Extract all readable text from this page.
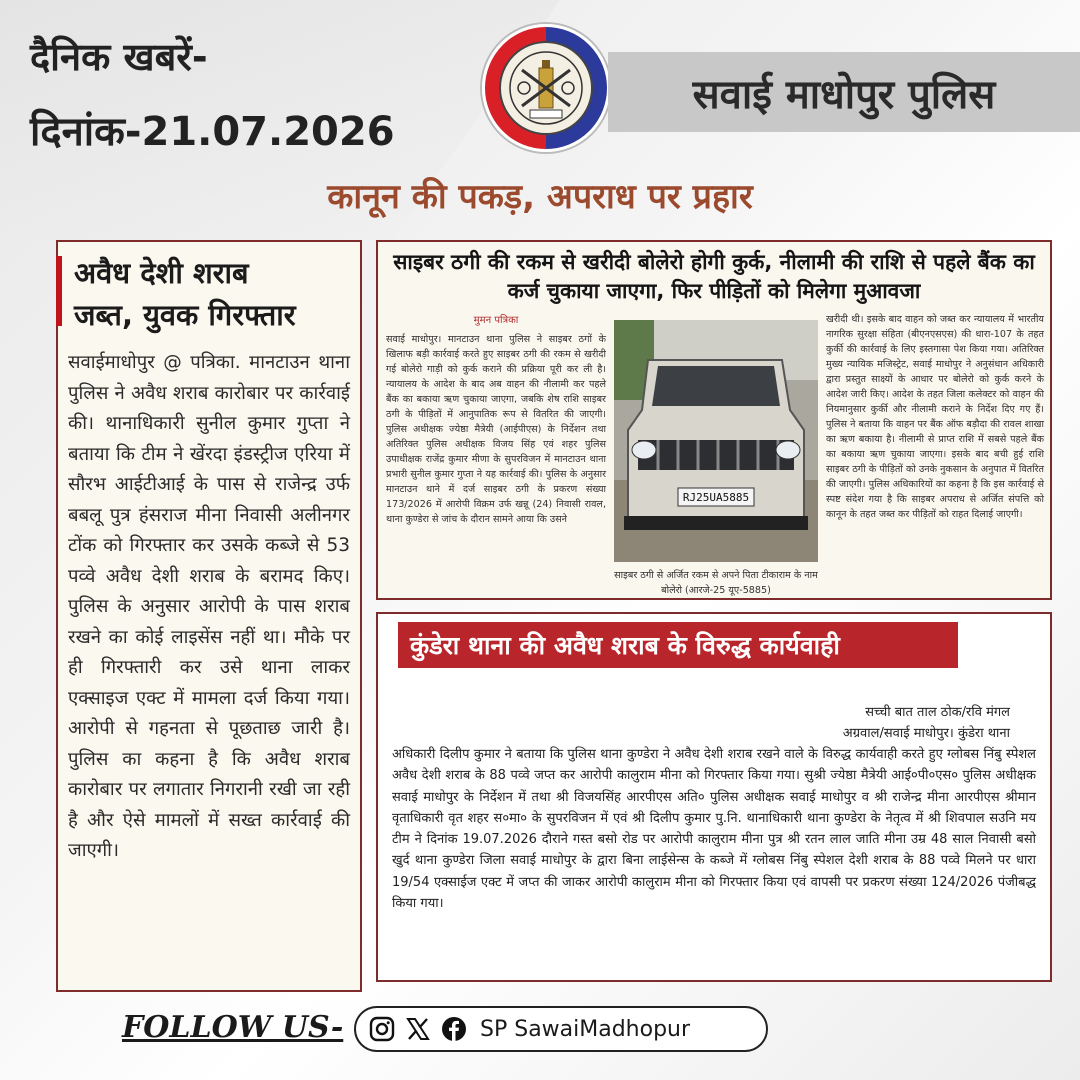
दैनिक खबरें-
दिनांक-21.07.2026
सवाई माधोपुर पुलिस
कानून की पकड़, अपराध पर प्रहार
अवैध देशी शराब
जब्त, युवक गिरफ्तार
सवाईमाधोपुर @ पत्रिका. मानटाउन थाना पुलिस ने अवैध शराब कारोबार पर कार्रवाई की। थानाधिकारी सुनील कुमार गुप्ता ने बताया कि टीम ने खेंरदा इंडस्ट्रीज एरिया में सौरभ आईटीआई के पास से राजेन्द्र उर्फ बबलू पुत्र हंसराज मीना निवासी अलीनगर टोंक को गिरफ्तार कर उसके कब्जे से 53 पव्वे अवैध देशी शराब के बरामद किए। पुलिस के अनुसार आरोपी के पास शराब रखने का कोई लाइसेंस नहीं था। मौके पर ही गिरफ्तारी कर उसे थाना लाकर एक्साइज एक्ट में मामला दर्ज किया गया। आरोपी से गहनता से पूछताछ जारी है। पुलिस का कहना है कि अवैध शराब कारोबार पर लगातार निगरानी रखी जा रही है और ऐसे मामलों में सख्त कार्रवाई की जाएगी।
साइबर ठगी की रकम से खरीदी बोलेरो होगी कुर्क, नीलामी की राशि से पहले बैंक का कर्ज चुकाया जाएगा, फिर पीड़ितों को मिलेगा मुआवजा
मुमन पत्रिका
सवाई माधोपुर। मानटाउन थाना पुलिस ने साइबर ठगों के खिलाफ बड़ी कार्रवाई करते हुए साइबर ठगी की रकम से खरीदी गई बोलेरो गाड़ी को कुर्क कराने की प्रक्रिया पूरी कर ली है। न्यायालय के आदेश के बाद अब वाहन की नीलामी कर पहले बैंक का बकाया ऋण चुकाया जाएगा, जबकि शेष राशि साइबर ठगी के पीड़ितों में आनुपातिक रूप से वितरित की जाएगी। पुलिस अधीक्षक ज्येष्ठा मैत्रेयी (आईपीएस) के निर्देशन तथा अतिरिक्त पुलिस अधीक्षक विजय सिंह एवं शहर पुलिस उपाधीक्षक राजेंद्र कुमार मीणा के सुपरविजन में मानटाउन थाना प्रभारी सुनील कुमार गुप्ता ने यह कार्रवाई की। पुलिस के अनुसार मानटाउन थाने में दर्ज साइबर ठगी के प्रकरण संख्या 173/2026 में आरोपी विक्रम उर्फ खन्नू (24) निवासी रावल, थाना कुण्डेरा से जांच के दौरान सामने आया कि उसने
RJ25UA5885
साइबर ठगी से अर्जित रकम से अपने पिता टीकाराम के नाम बोलेरो (आरजे-25 यूए-5885)
खरीदी थी। इसके बाद वाहन को जब्त कर न्यायालय में भारतीय नागरिक सुरक्षा संहिता (बीएनएसएस) की धारा-107 के तहत कुर्की की कार्रवाई के लिए इस्तगासा पेश किया गया। अतिरिक्त मुख्य न्यायिक मजिस्ट्रेट, सवाई माधोपुर ने अनुसंधान अधिकारी द्वारा प्रस्तुत साक्ष्यों के आधार पर बोलेरो को कुर्क करने के आदेश जारी किए। आदेश के तहत जिला कलेक्टर को वाहन की नियमानुसार कुर्की और नीलामी कराने के निर्देश दिए गए हैं। पुलिस ने बताया कि वाहन पर बैंक ऑफ बड़ौदा की रावल शाखा का ऋण बकाया है। नीलामी से प्राप्त राशि में सबसे पहले बैंक का बकाया ऋण चुकाया जाएगा। इसके बाद बची हुई राशि साइबर ठगी के पीड़ितों को उनके नुकसान के अनुपात में वितरित की जाएगी। पुलिस अधिकारियों का कहना है कि इस कार्रवाई से स्पष्ट संदेश गया है कि साइबर अपराध से अर्जित संपत्ति को कानून के तहत जब्त कर पीड़ितों को राहत दिलाई जाएगी।
कुंडेरा थाना की अवैध शराब के विरुद्ध कार्यवाही
सच्ची बात ताल ठोक/रवि मंगल
अग्रवाल/सवाई माधोपुर। कुंडेरा थाना
अधिकारी दिलीप कुमार ने बताया कि पुलिस थाना कुण्डेरा ने अवैध देशी शराब रखने वाले के विरुद्ध कार्यवाही करते हुए ग्लोबस निंबु स्पेशल अवैध देशी शराब के 88 पव्वे जप्त कर आरोपी कालुराम मीना को गिरफ्तार किया गया। सुश्री ज्येष्ठा मैत्रेयी आई०पी०एस० पुलिस अधीक्षक सवाई माधोपुर के निर्देशन में तथा श्री विजयसिंह आरपीएस अति० पुलिस अधीक्षक सवाई माधोपुर व श्री राजेन्द्र मीना आरपीएस श्रीमान वृताधिकारी वृत शहर स०मा० के सुपरविजन में एवं श्री दिलीप कुमार पु.नि. थानाधिकारी थाना कुण्डेरा के नेतृत्व में श्री शिवपाल सउनि मय टीम ने दिनांक 19.07.2026 दौराने गस्त बसो रोड पर आरोपी कालुराम मीना पुत्र श्री रतन लाल जाति मीना उम्र 48 साल निवासी बसो खुर्द थाना कुण्डेरा जिला सवाई माधोपुर के द्वारा बिना लाईसेन्स के कब्जे में ग्लोबस निंबु स्पेशल देशी शराब के 88 पव्वे मिलने पर धारा 19/54 एक्साईज एक्ट में जप्त की जाकर आरोपी कालुराम मीना को गिरफ्तार किया एवं वापसी पर प्रकरण संख्या 124/2026 पंजीबद्ध किया गया।
FOLLOW US-	SP SawaiMadhopur
